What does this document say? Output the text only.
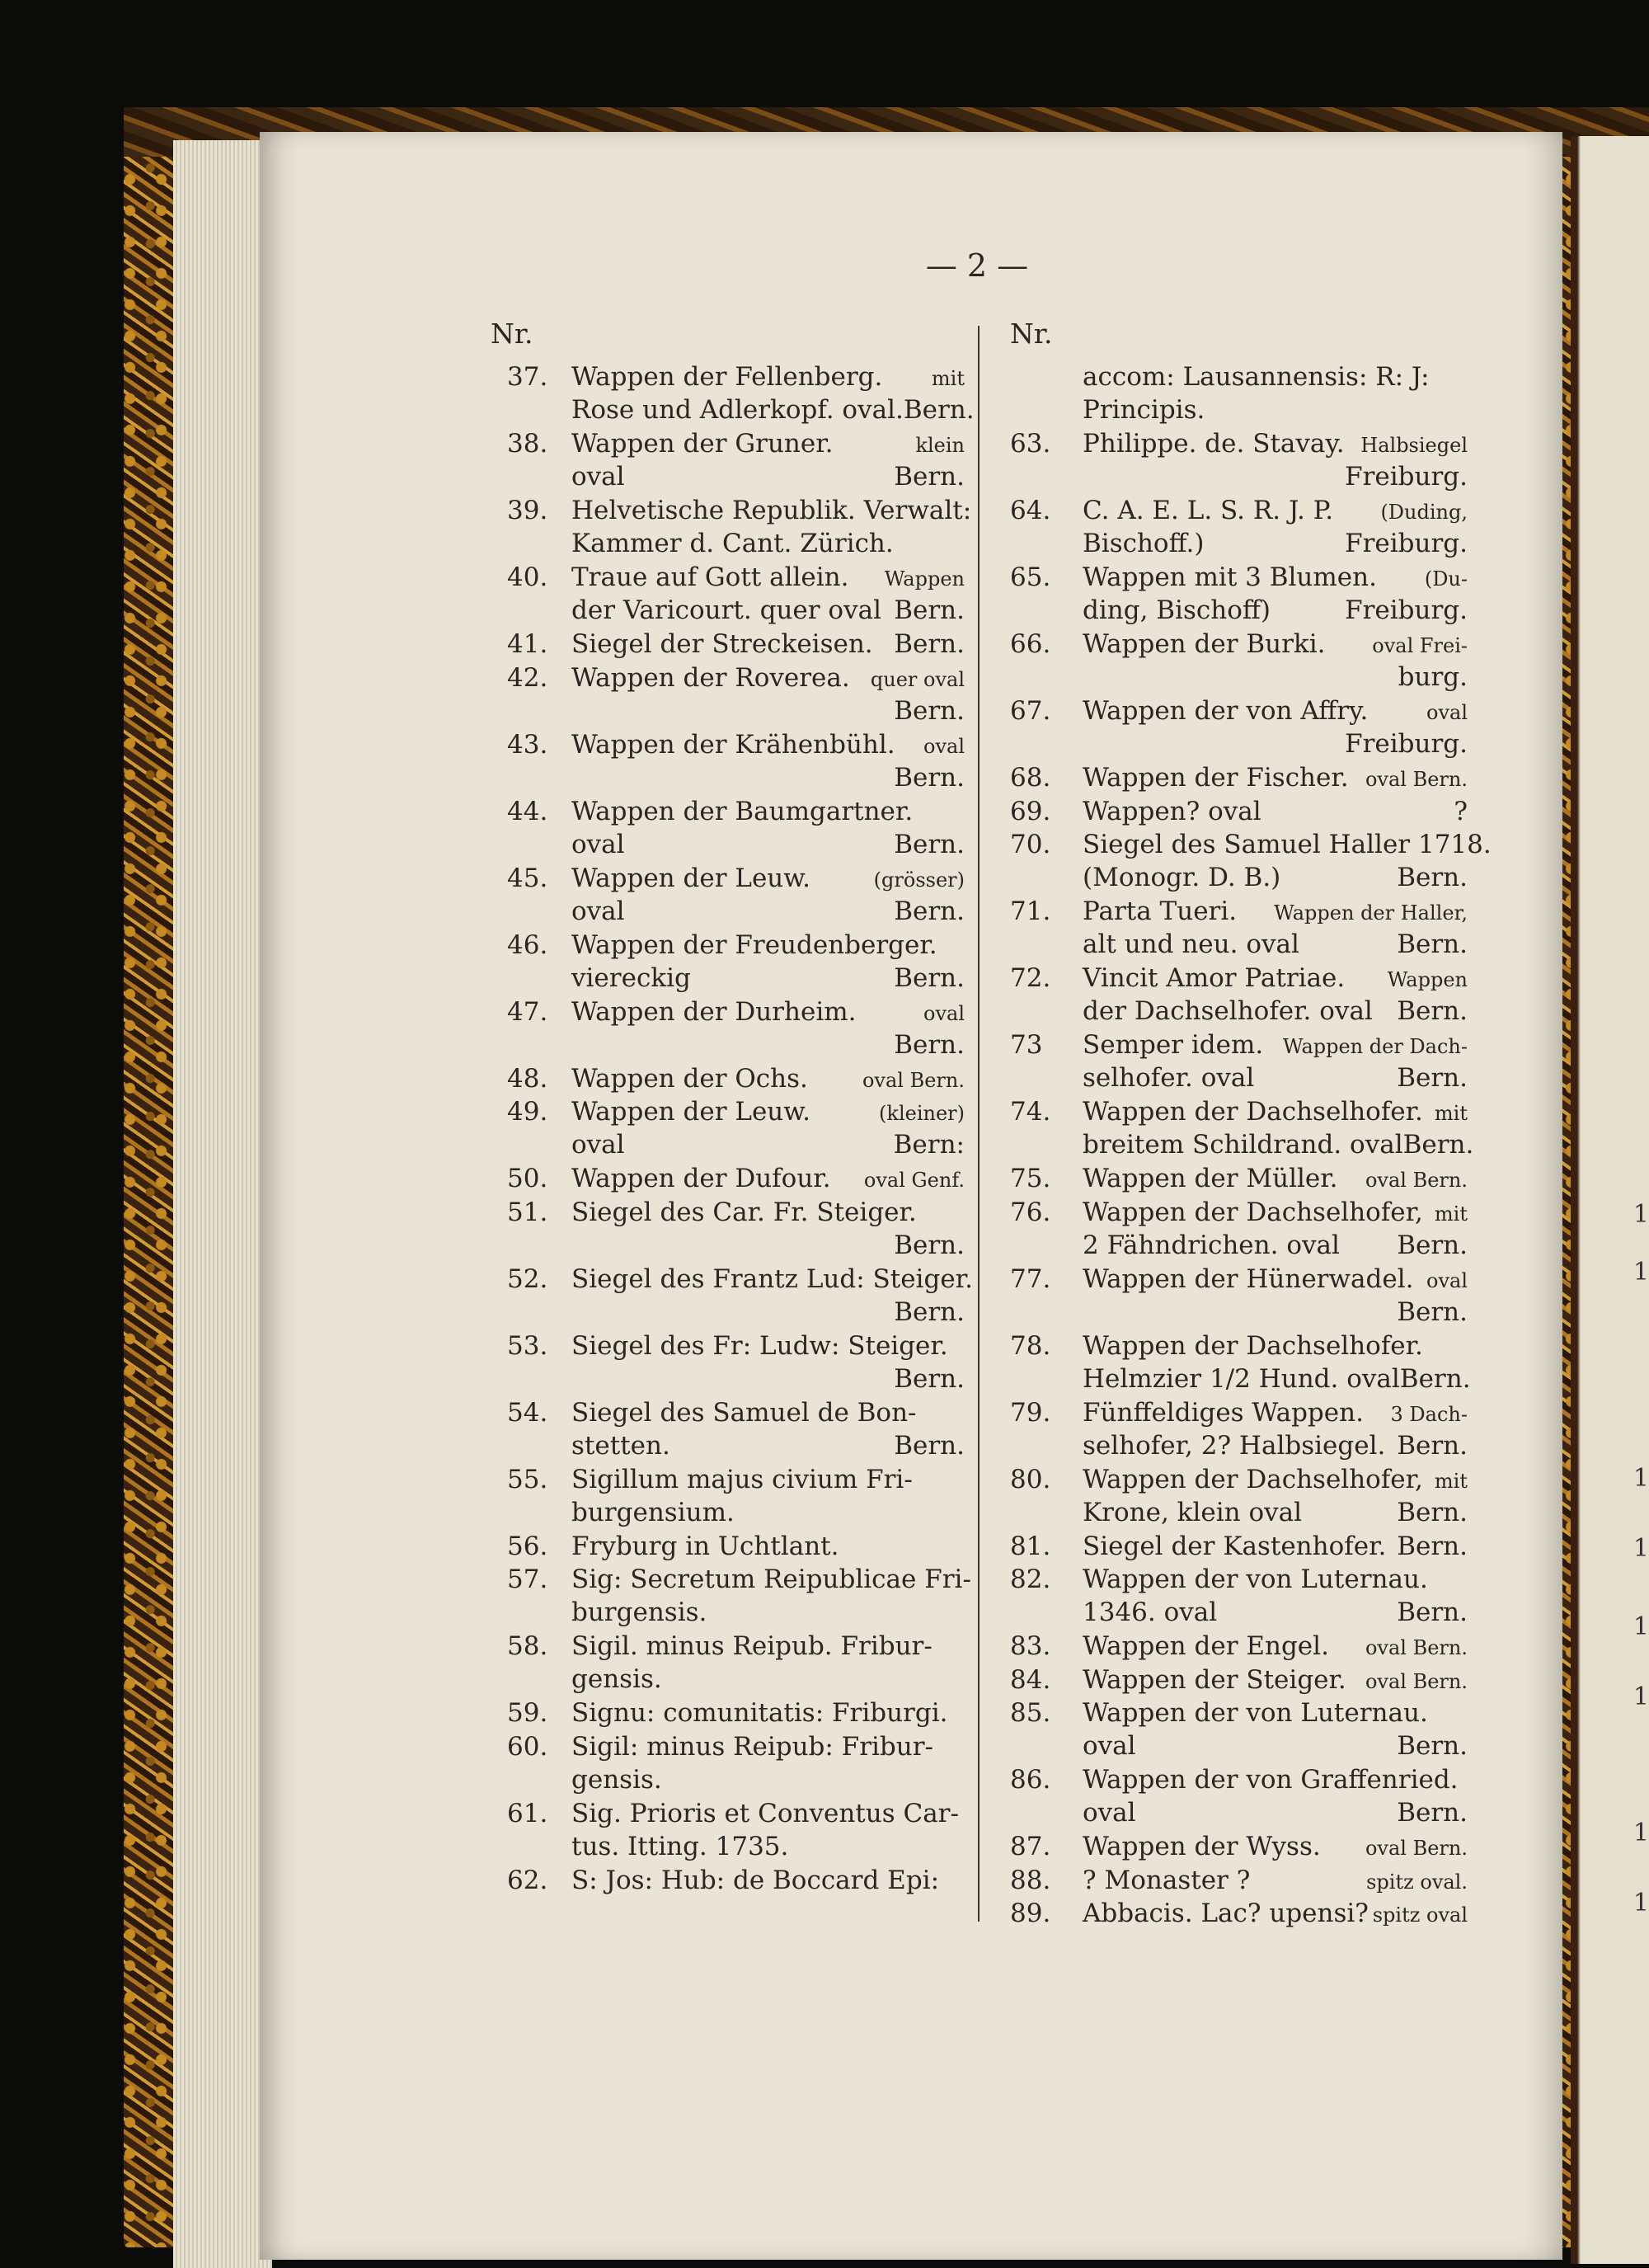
1
1
1
1
1
1
1
1
— 2 —
Nr.
37. Wappen der Fellenberg. mit
Rose und Adlerkopf. oval. Bern.
38. Wappen der Gruner.	klein
oval	Bern.
39. Helvetische Republik. Verwalt:
Kammer d. Cant. Zürich.
40. Traue auf Gott allein. Wappen
der Varicourt. quer oval Bern.
41. Siegel der Streckeisen. Bern.
42. Wappen der Roverea. quer oval
Bern.
43. Wappen der Krähenbühl. oval
Bern.
44. Wappen der Baumgartner.
oval	Bern.
45. Wappen der Leuw.	(grösser)
oval	Bern.
46. Wappen der Freudenberger.
viereckig	Bern.
47. Wappen der Durheim.	oval
Bern.
48. Wappen der Ochs.	oval Bern.
49. Wappen der Leuw.	(kleiner)
oval	Bern:
50. Wappen der Dufour. oval Genf.
51. Siegel des Car. Fr. Steiger.
Bern.
52. Siegel des Frantz Lud: Steiger.
Bern.
53. Siegel des Fr: Ludw: Steiger.
Bern.
54. Siegel des Samuel de Bon-
stetten.	Bern.
55. Sigillum majus civium Fri-
burgensium.
56. Fryburg in Uchtlant.
57. Sig: Secretum Reipublicae Fri-
burgensis.
58. Sigil. minus Reipub. Fribur-
gensis.
59. Signu: comunitatis: Friburgi.
60. Sigil: minus Reipub: Fribur-
gensis.
61. Sig. Prioris et Conventus Car-
tus. Itting. 1735.
62. S: Jos: Hub: de Boccard Epi:
Nr.
accom: Lausannensis: R: J:
Principis.
63.	Philippe. de. Stavay. Halbsiegel
Freiburg.
64.	C. A. E. L. S. R. J. P. (Duding,
Bischoff.)	Freiburg.
65.	Wappen mit 3 Blumen. (Du-
ding, Bischoff)	Freiburg.
66.	Wappen der Burki. oval Frei-
burg.
67.	Wappen der von Affry.	oval
Freiburg.
68.	Wappen der Fischer. oval Bern.
69.	Wappen? oval	?
70.	Siegel des Samuel Haller 1718.
(Monogr. D. B.)	Bern.
71.	Parta Tueri. Wappen der Haller,
alt und neu. oval	Bern.
72.	Vincit Amor Patriae. Wappen
der Dachselhofer. oval Bern.
73	Semper idem. Wappen der Dach-
selhofer. oval	Bern.
74.	Wappen der Dachselhofer. mit
breitem Schildrand. oval Bern.
75.	Wappen der Müller. oval Bern.
76.	Wappen der Dachselhofer, mit
2 Fähndrichen. oval Bern.
77.	Wappen der Hünerwadel. oval
Bern.
78.	Wappen der Dachselhofer.
Helmzier 1/2 Hund. oval Bern.
79.	Fünffeldiges Wappen. 3 Dach-
selhofer, 2? Halbsiegel. Bern.
80.	Wappen der Dachselhofer, mit
Krone, klein oval	Bern.
81.	Siegel der Kastenhofer. Bern.
82.	Wappen der von Luternau.
1346. oval	Bern.
83.	Wappen der Engel. oval Bern.
84.	Wappen der Steiger. oval Bern.
85.	Wappen der von Luternau.
oval	Bern.
86.	Wappen der von Graffenried.
oval	Bern.
87.	Wappen der Wyss. oval Bern.
88.	? Monaster ?	spitz oval.
89.	Abbacis. Lac? upensi? spitz oval
